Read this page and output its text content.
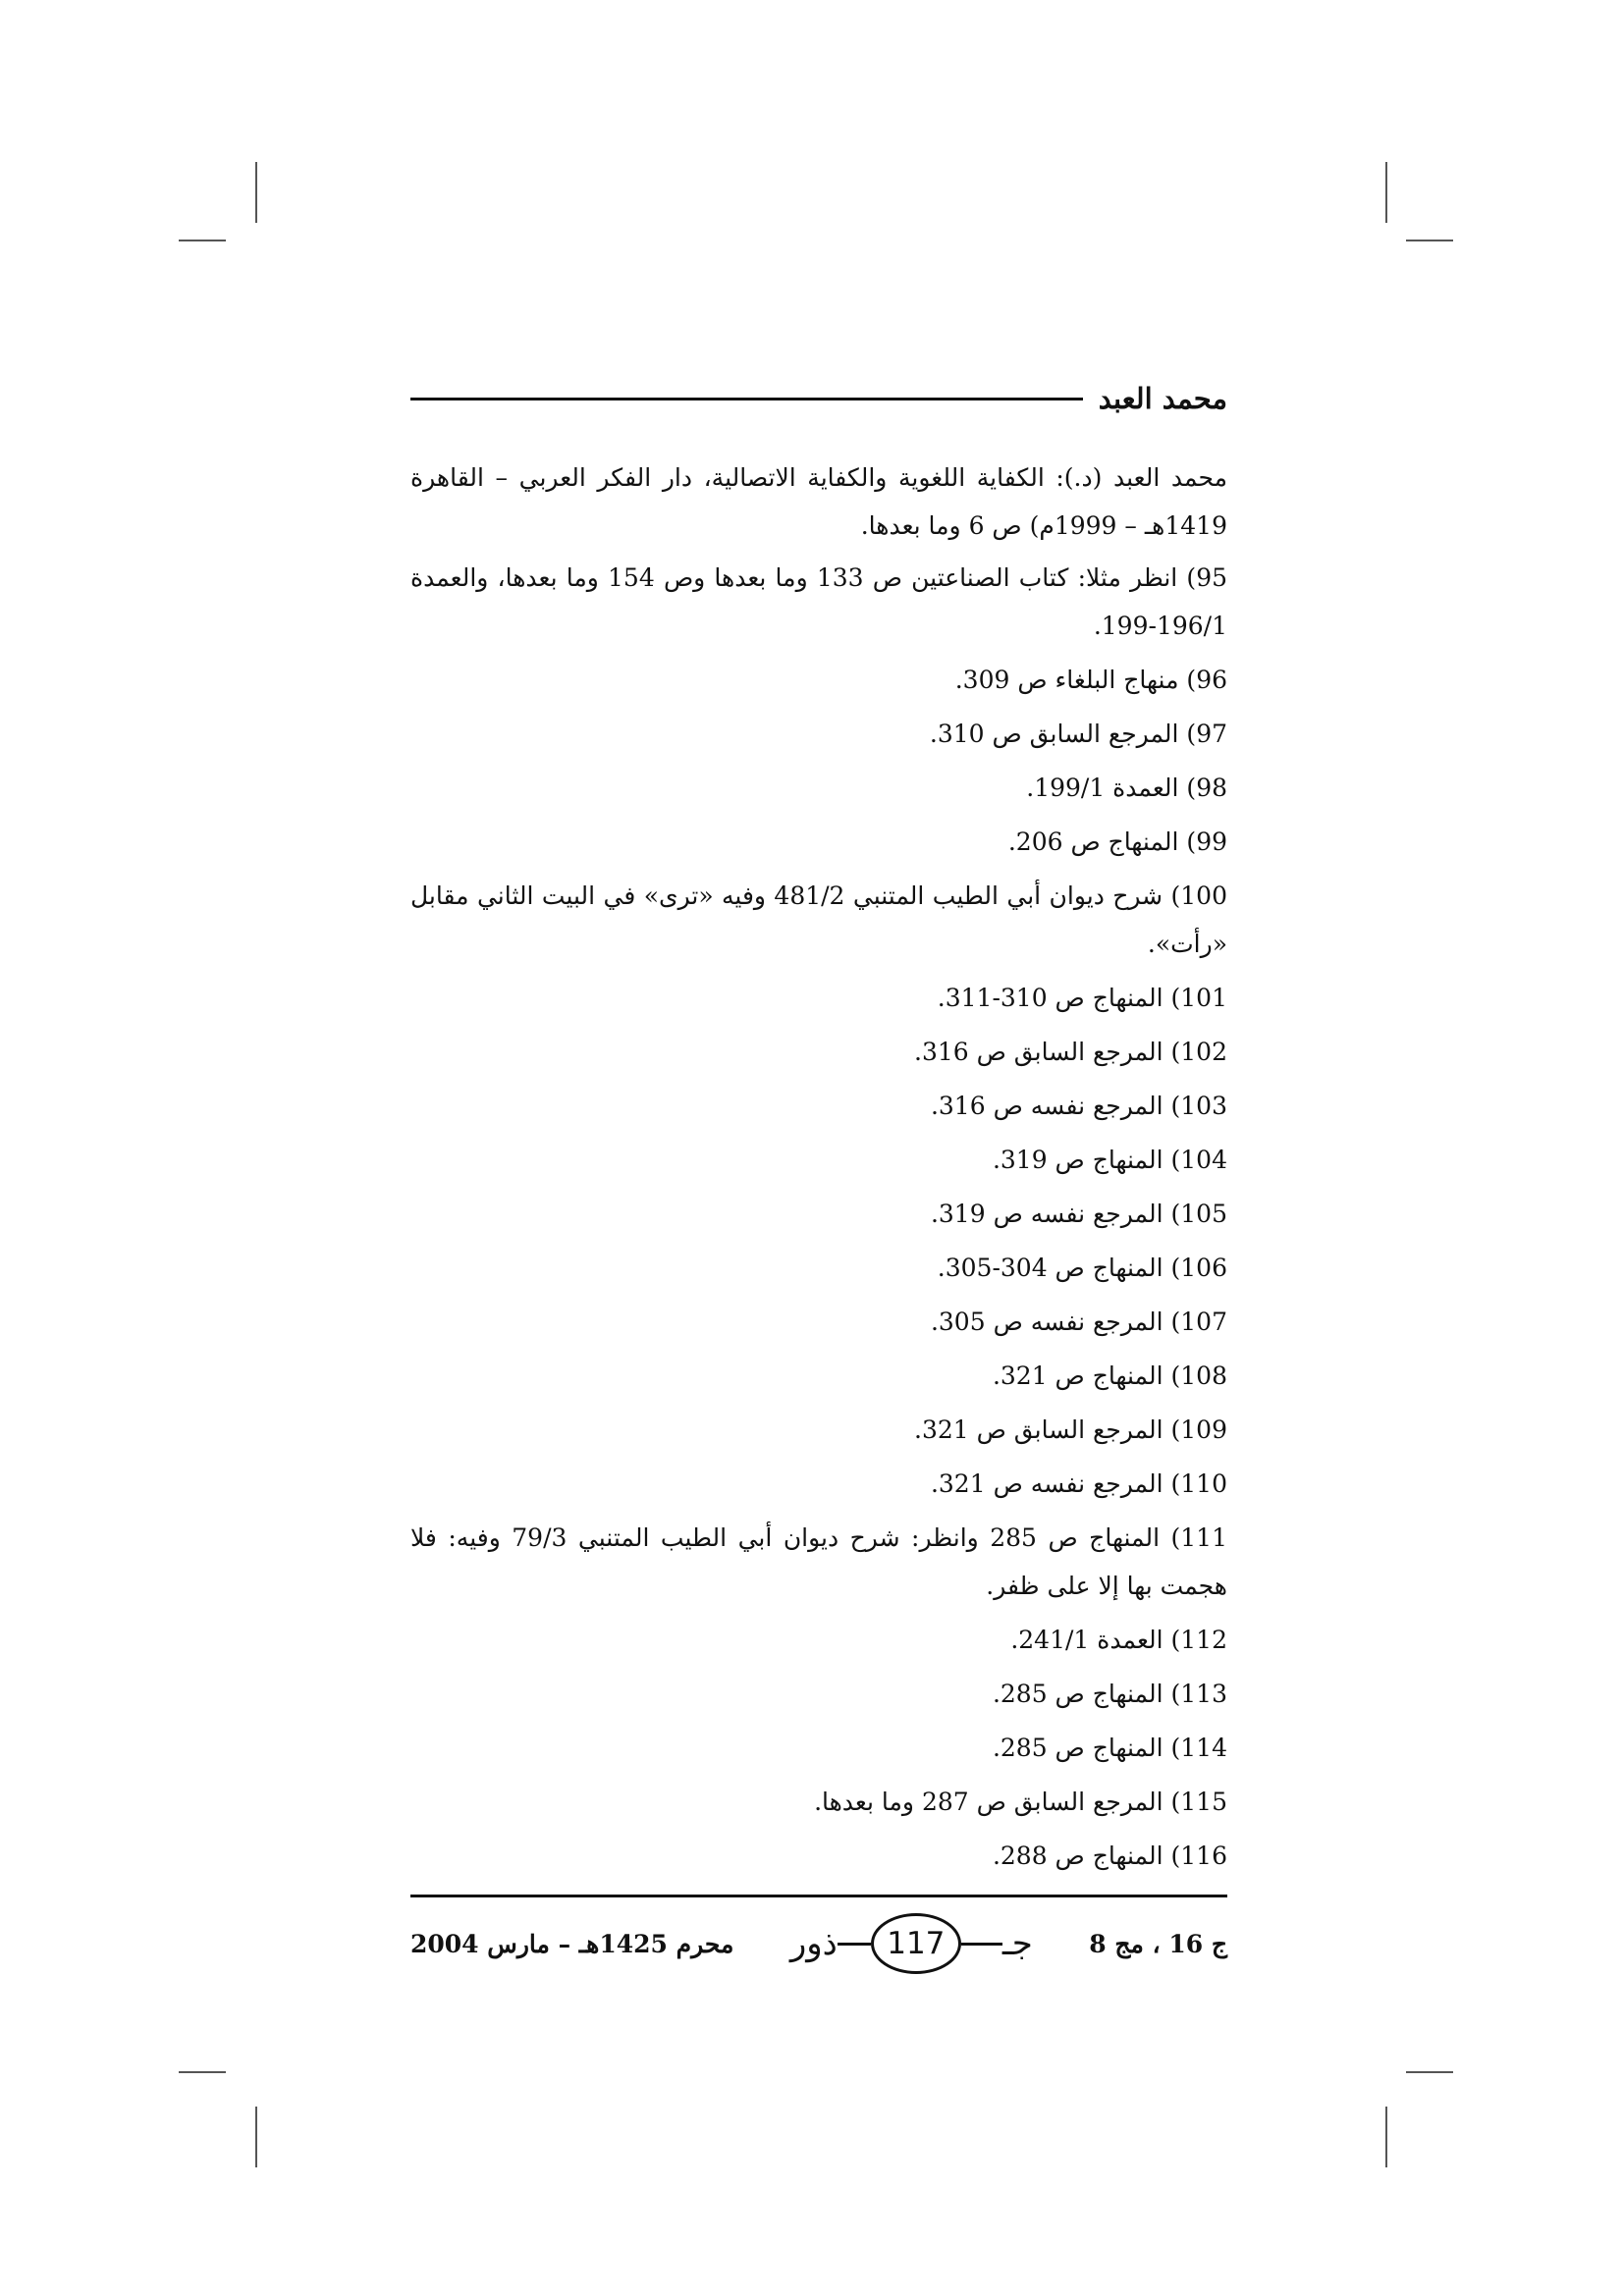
محمد العبد

محمد العبد (د.): الكفاية اللغوية والكفاية الاتصالية، دار الفكر العربي – القاهرة 1419هـ – 1999م) ص 6 وما بعدها.

95) انظر مثلا: كتاب الصناعتين ص 133 وما بعدها وص 154 وما بعدها، والعمدة 196/1-199.

96) منهاج البلغاء ص 309.

97) المرجع السابق ص 310.

98) العمدة 199/1.

99) المنهاج ص 206.

100) شرح ديوان أبي الطيب المتنبي 481/2 وفيه «ترى» في البيت الثاني مقابل «رأت».

101) المنهاج ص 310-311.

102) المرجع السابق ص 316.

103) المرجع نفسه ص 316.

104) المنهاج ص 319.

105) المرجع نفسه ص 319.

106) المنهاج ص 304-305.

107) المرجع نفسه ص 305.

108) المنهاج ص 321.

109) المرجع السابق ص 321.

110) المرجع نفسه ص 321.

111) المنهاج ص 285 وانظر: شرح ديوان أبي الطيب المتنبي 79/3 وفيه: فلا هجمت بها إلا على ظفر.

112) العمدة 241/1.

113) المنهاج ص 285.

114) المنهاج ص 285.

115) المرجع السابق ص 287 وما بعدها.

116) المنهاج ص 288.

محرم 1425هـ – مارس 2004 ذور	117	جـ ج 16 ، مج 8
